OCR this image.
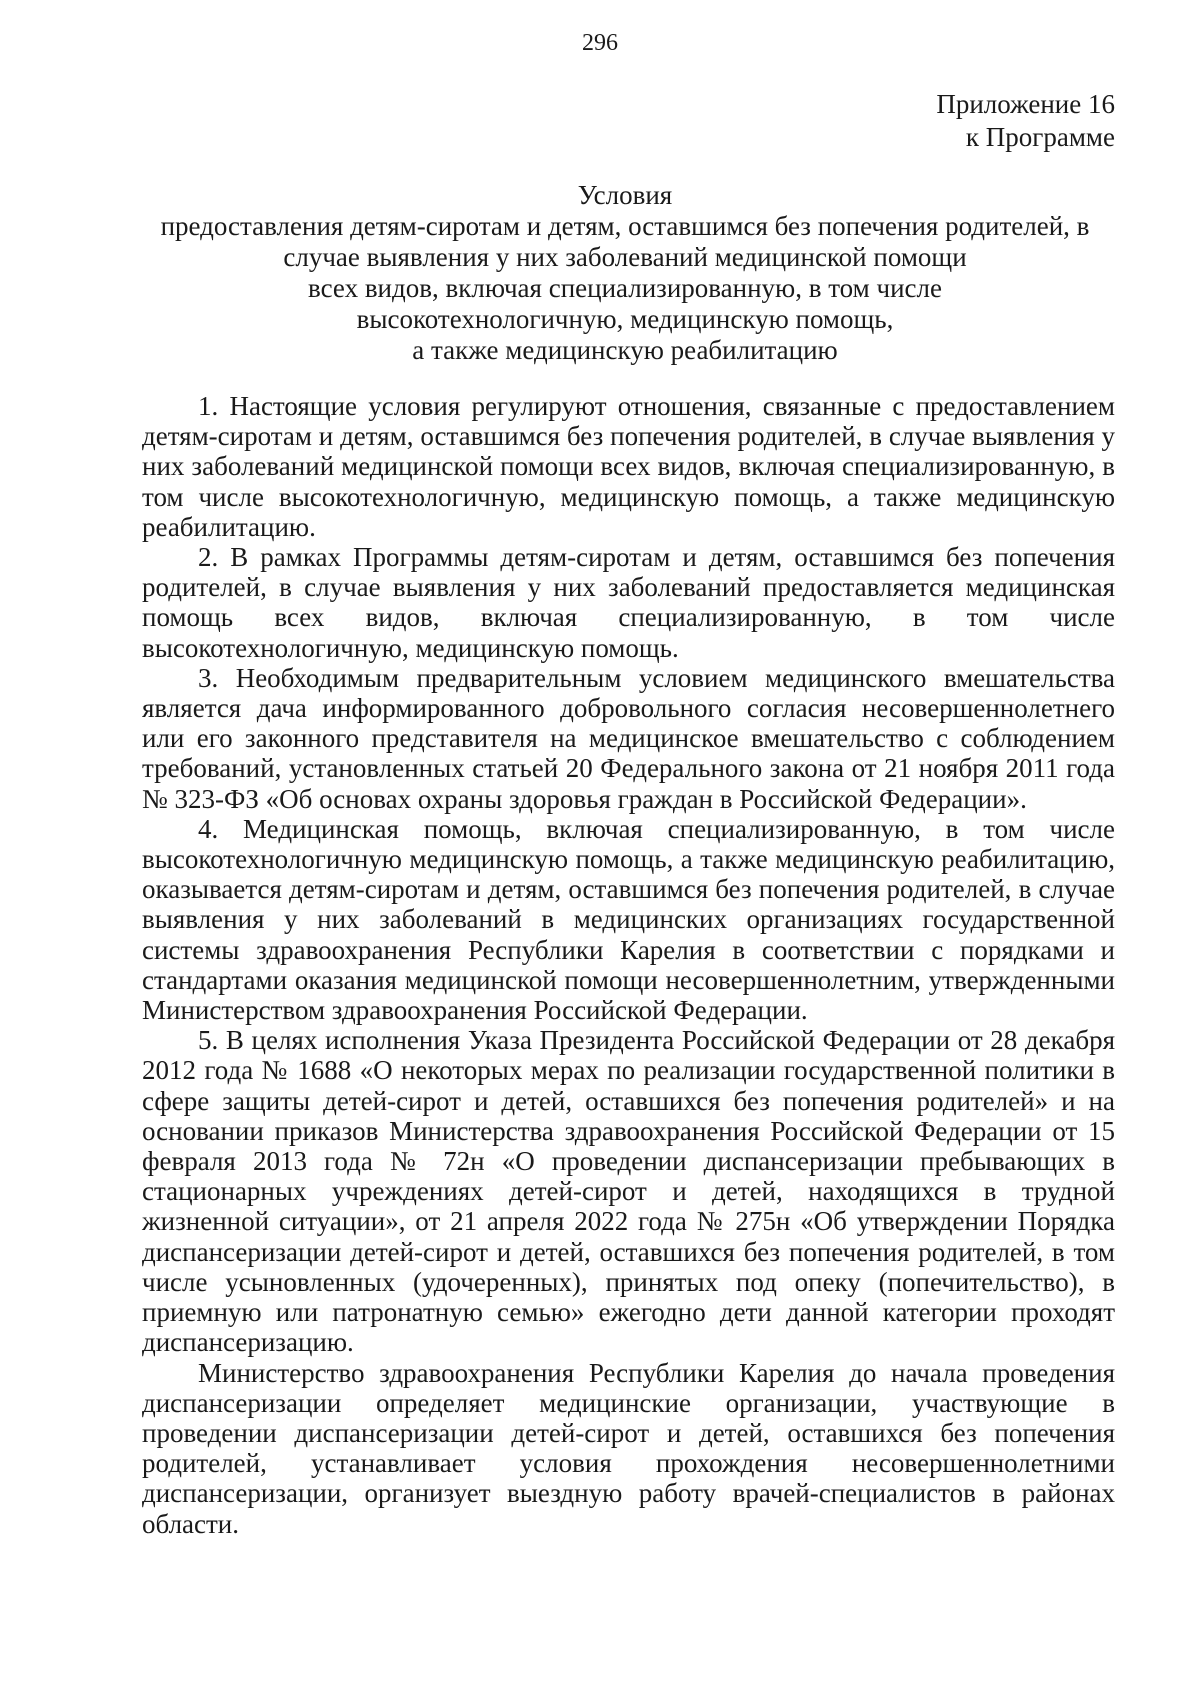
296
Приложение 16
к Программе
Условия
предоставления детям-сиротам и детям, оставшимся без попечения родителей, в
случае выявления у них заболеваний медицинской помощи
всех видов, включая специализированную, в том числе
высокотехнологичную, медицинскую помощь,
а также медицинскую реабилитацию

1. Настоящие условия регулируют отношения, связанные с предоставлением детям-сиротам и детям, оставшимся без попечения родителей, в случае выявления у них заболеваний медицинской помощи всех видов, включая специализированную, в том числе высокотехнологичную, медицинскую помощь, а также медицинскую реабилитацию.

2. В рамках Программы детям-сиротам и детям, оставшимся без попечения родителей, в случае выявления у них заболеваний предоставляется медицинская помощь всех видов, включая специализированную, в том числе высокотехнологичную, медицинскую помощь.

3. Необходимым предварительным условием медицинского вмешательства является дача информированного добровольного согласия несовершеннолетнего или его законного представителя на медицинское вмешательство с соблюдением требований, установленных статьей 20 Федерального закона от 21 ноября 2011 года № 323-ФЗ «Об основах охраны здоровья граждан в Российской Федерации».

4. Медицинская помощь, включая специализированную, в том числе высокотехнологичную медицинскую помощь, а также медицинскую реабилитацию, оказывается детям-сиротам и детям, оставшимся без попечения родителей, в случае выявления у них заболеваний в медицинских организациях государственной системы здравоохранения Республики Карелия в соответствии с порядками и стандартами оказания медицинской помощи несовершеннолетним, утвержденными Министерством здравоохранения Российской Федерации.

5. В целях исполнения Указа Президента Российской Федерации от 28 декабря 2012 года № 1688 «О некоторых мерах по реализации государственной политики в сфере защиты детей-сирот и детей, оставшихся без попечения родителей» и на основании приказов Министерства здравоохранения Российской Федерации от 15 февраля 2013 года № 72н «О проведении диспансеризации пребывающих в стационарных учреждениях детей-сирот и детей, находящихся в трудной жизненной ситуации», от 21 апреля 2022 года № 275н «Об утверждении Порядка диспансеризации детей-сирот и детей, оставшихся без попечения родителей, в том числе усыновленных (удочеренных), принятых под опеку (попечительство), в приемную или патронатную семью» ежегодно дети данной категории проходят диспансеризацию.

Министерство здравоохранения Республики Карелия до начала проведения диспансеризации определяет медицинские организации, участвующие в проведении диспансеризации детей-сирот и детей, оставшихся без попечения родителей, устанавливает условия прохождения несовершеннолетними диспансеризации, организует выездную работу врачей-специалистов в районах области.
